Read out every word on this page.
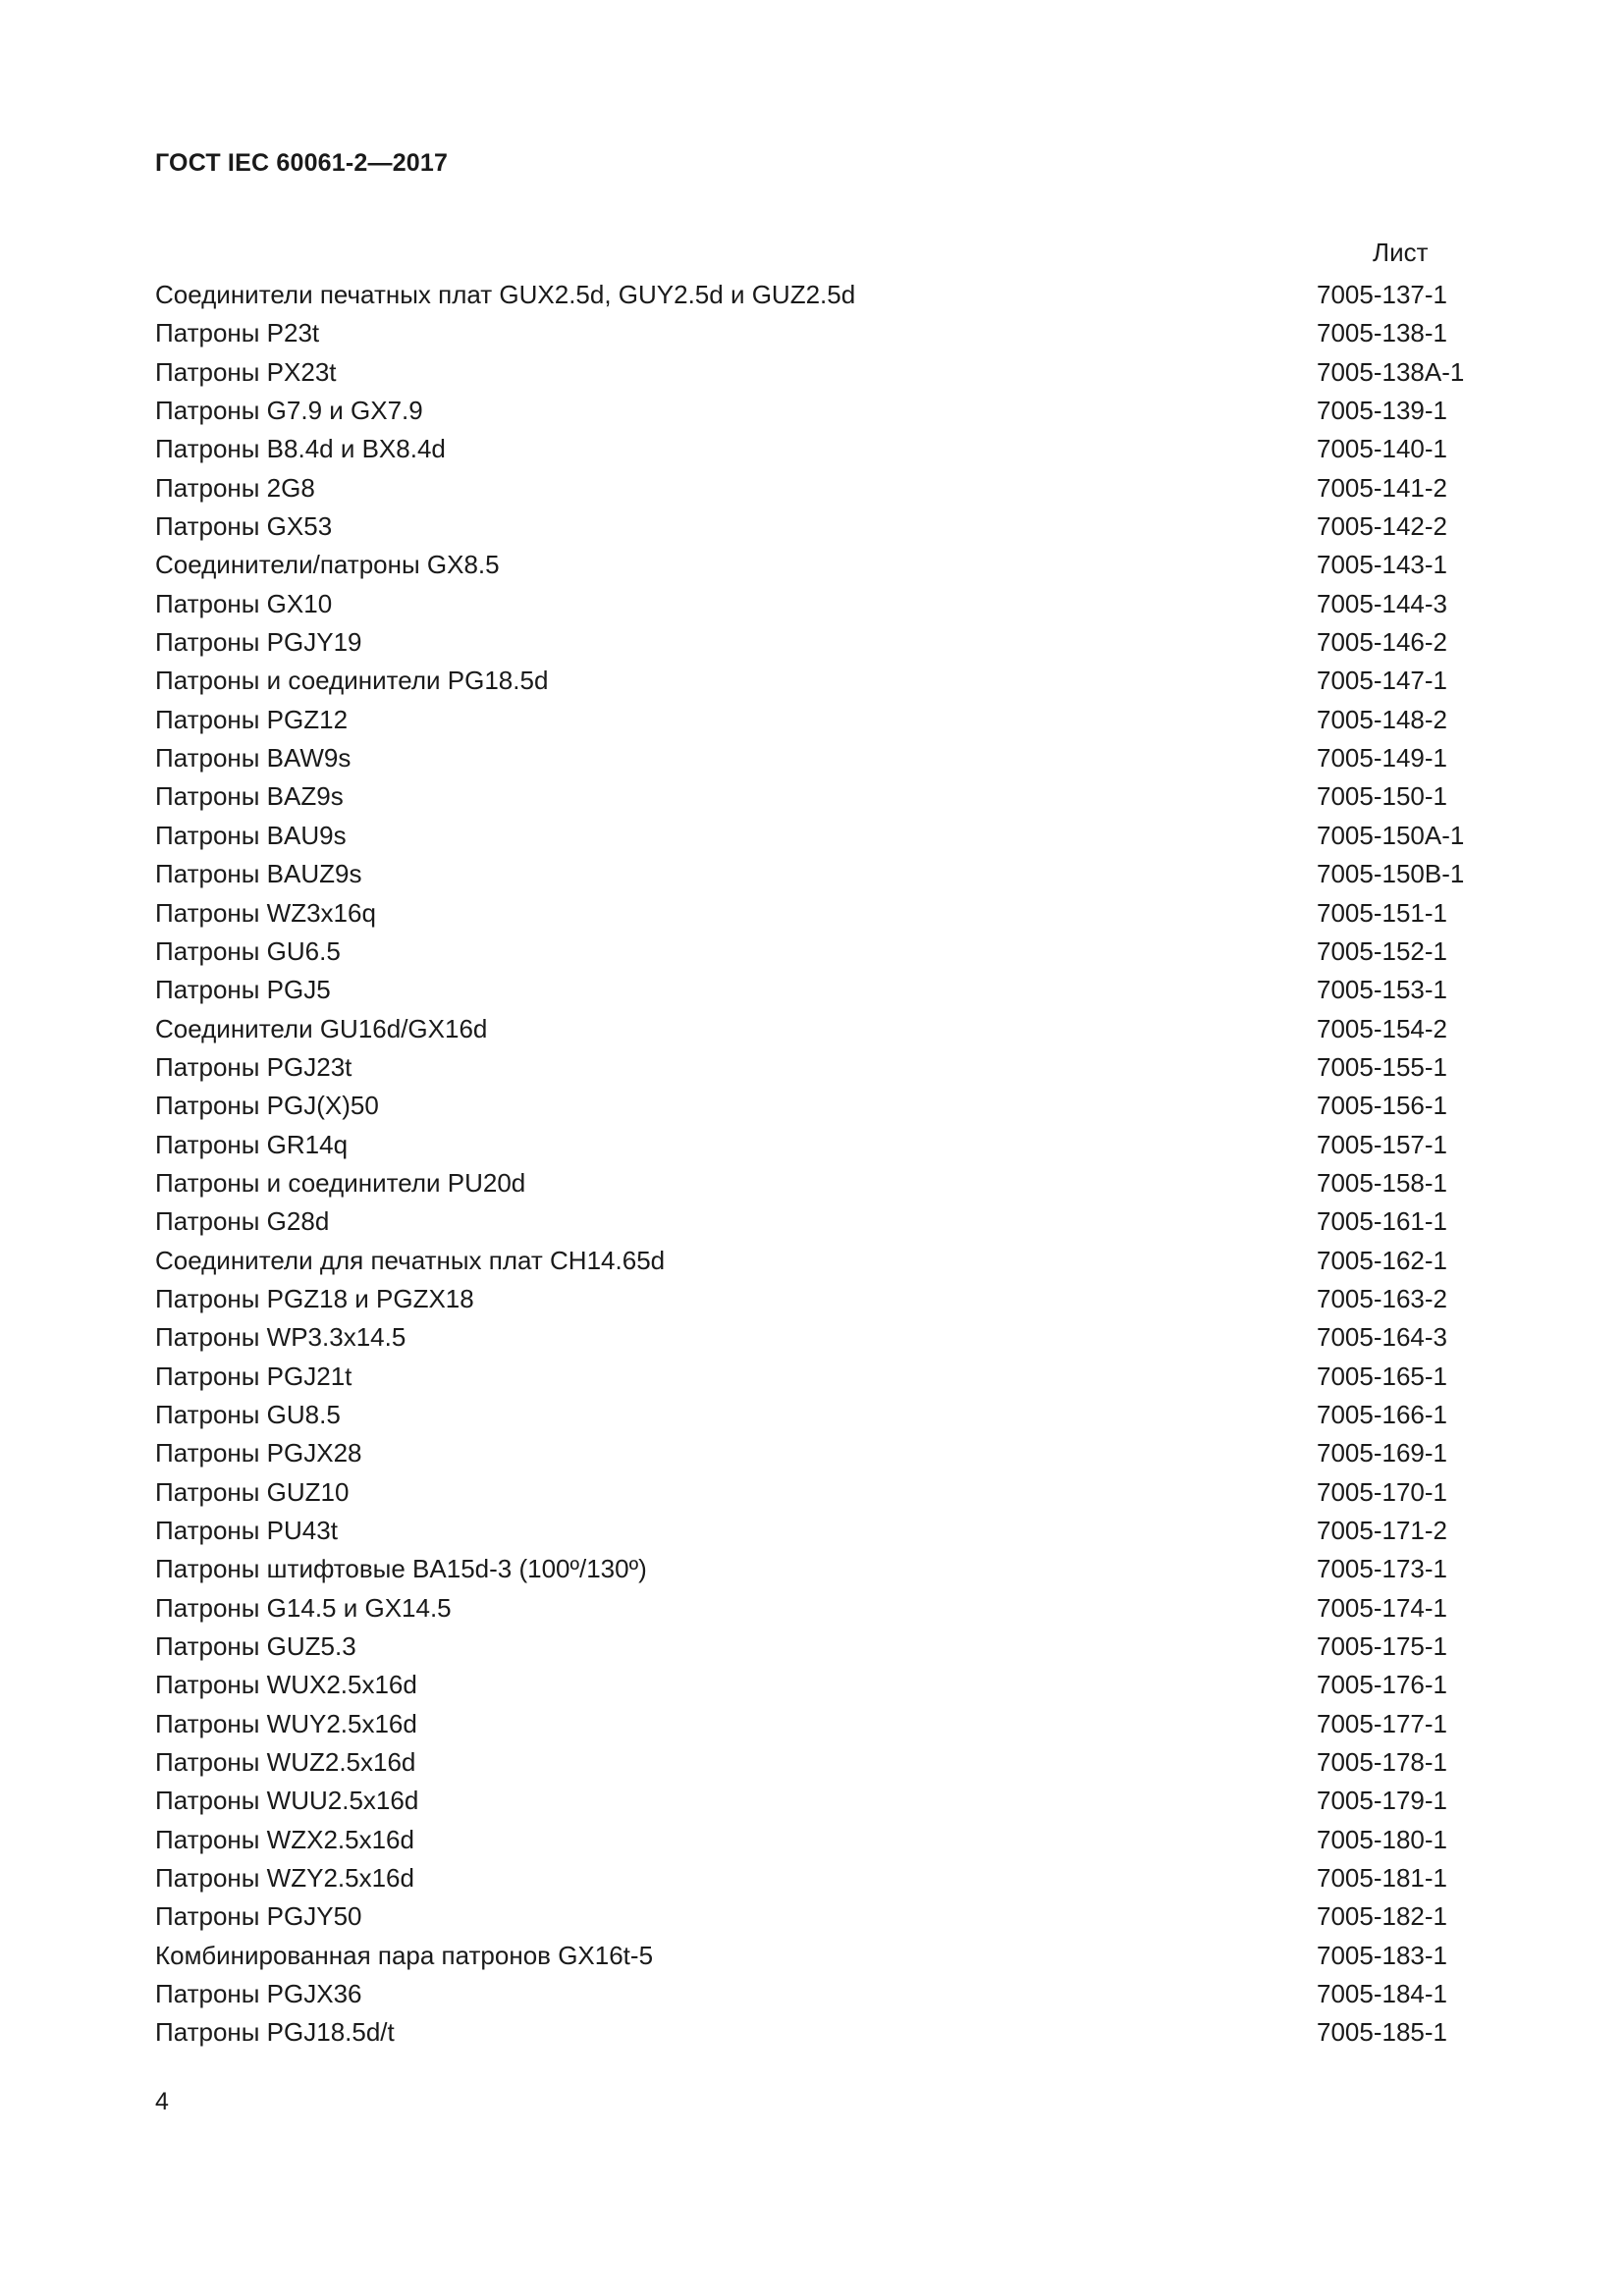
ГОСТ IEC 60061-2—2017
Лист
Соединители печатных плат GUX2.5d, GUY2.5d и GUZ2.5d	7005-137-1
Патроны P23t	7005-138-1
Патроны PX23t	7005-138A-1
Патроны G7.9 и GX7.9	7005-139-1
Патроны B8.4d и BX8.4d	7005-140-1
Патроны 2G8	7005-141-2
Патроны GX53	7005-142-2
Соединители/патроны GX8.5	7005-143-1
Патроны GX10	7005-144-3
Патроны PGJY19	7005-146-2
Патроны и соединители PG18.5d	7005-147-1
Патроны PGZ12	7005-148-2
Патроны BAW9s	7005-149-1
Патроны BAZ9s	7005-150-1
Патроны BAU9s	7005-150A-1
Патроны BAUZ9s	7005-150B-1
Патроны WZ3x16q	7005-151-1
Патроны GU6.5	7005-152-1
Патроны PGJ5	7005-153-1
Соединители GU16d/GX16d	7005-154-2
Патроны PGJ23t	7005-155-1
Патроны PGJ(X)50	7005-156-1
Патроны GR14q	7005-157-1
Патроны и соединители PU20d	7005-158-1
Патроны G28d	7005-161-1
Соединители для печатных плат CH14.65d	7005-162-1
Патроны PGZ18 и PGZX18	7005-163-2
Патроны WP3.3x14.5	7005-164-3
Патроны PGJ21t	7005-165-1
Патроны GU8.5	7005-166-1
Патроны PGJX28	7005-169-1
Патроны GUZ10	7005-170-1
Патроны PU43t	7005-171-2
Патроны штифтовые BA15d-3 (100º/130º)	7005-173-1
Патроны G14.5 и GX14.5	7005-174-1
Патроны GUZ5.3	7005-175-1
Патроны WUX2.5x16d	7005-176-1
Патроны WUY2.5x16d	7005-177-1
Патроны WUZ2.5x16d	7005-178-1
Патроны WUU2.5x16d	7005-179-1
Патроны WZX2.5x16d	7005-180-1
Патроны WZY2.5x16d	7005-181-1
Патроны PGJY50	7005-182-1
Комбинированная пара патронов GX16t-5	7005-183-1
Патроны PGJX36	7005-184-1
Патроны PGJ18.5d/t	7005-185-1
4
